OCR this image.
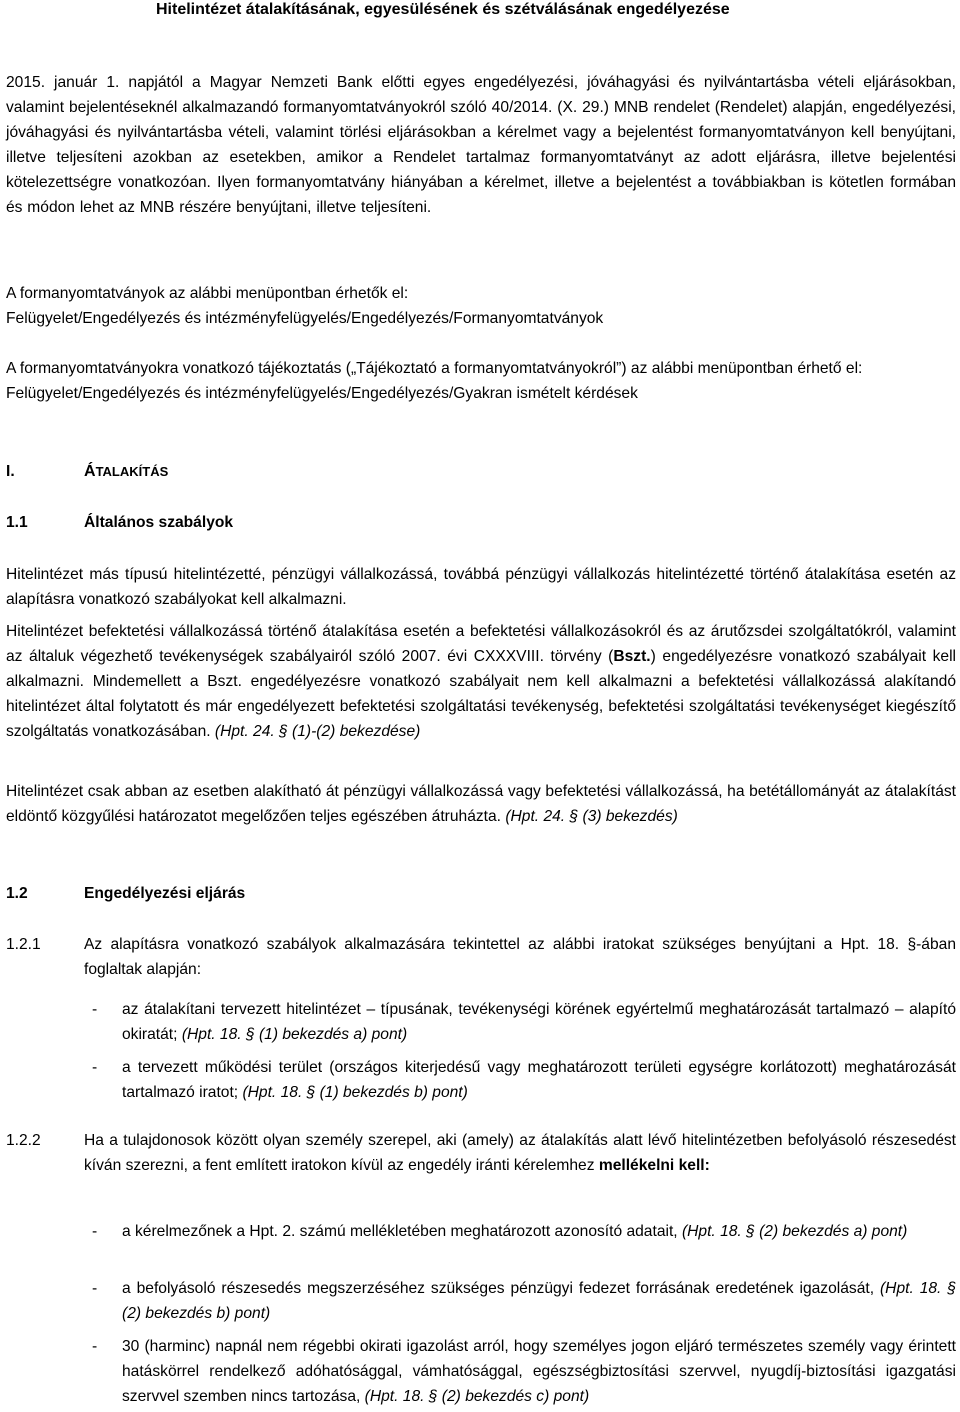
Hitelintézet átalakításának, egyesülésének és szétválásának engedélyezése

2015. január 1. napjától a Magyar Nemzeti Bank előtti egyes engedélyezési, jóváhagyási és nyilvántartásba vételi eljárásokban, valamint bejelentéseknél alkalmazandó formanyomtatványokról szóló 40/2014. (X. 29.) MNB rendelet (Rendelet) alapján, engedélyezési, jóváhagyási és nyilvántartásba vételi, valamint törlési eljárásokban a kérelmet vagy a bejelentést formanyomtatványon kell benyújtani, illetve teljesíteni azokban az esetekben, amikor a Rendelet tartalmaz formanyomtatványt az adott eljárásra, illetve bejelentési kötelezettségre vonatkozóan. Ilyen formanyomtatvány hiányában a kérelmet, illetve a bejelentést a továbbiakban is kötetlen formában és módon lehet az MNB részére benyújtani, illetve teljesíteni.

A formanyomtatványok az alábbi menüpontban érhetők el:

Felügyelet/Engedélyezés és intézményfelügyelés/Engedélyezés/Formanyomtatványok

A formanyomtatványokra vonatkozó tájékoztatás („Tájékoztató a formanyomtatványokról”) az alábbi menüpontban érhető el:

Felügyelet/Engedélyezés és intézményfelügyelés/Engedélyezés/Gyakran ismételt kérdések

I.	ÁTALAKÍTÁS
1.1	Általános szabályok

Hitelintézet más típusú hitelintézetté, pénzügyi vállalkozássá, továbbá pénzügyi vállalkozás hitelintézetté történő átalakítása esetén az alapításra vonatkozó szabályokat kell alkalmazni.

Hitelintézet befektetési vállalkozássá történő átalakítása esetén a befektetési vállalkozásokról és az árutőzsdei szolgáltatókról, valamint az általuk végezhető tevékenységek szabályairól szóló 2007. évi CXXXVIII. törvény (Bszt.) engedélyezésre vonatkozó szabályait kell alkalmazni. Mindemellett a Bszt. engedélyezésre vonatkozó szabályait nem kell alkalmazni a befektetési vállalkozássá alakítandó hitelintézet által folytatott és már engedélyezett befektetési szolgáltatási tevékenység, befektetési szolgáltatási tevékenységet kiegészítő szolgáltatás vonatkozásában. (Hpt. 24. § (1)-(2) bekezdése)

Hitelintézet csak abban az esetben alakítható át pénzügyi vállalkozássá vagy befektetési vállalkozássá, ha betétállományát az átalakítást eldöntő közgyűlési határozatot megelőzően teljes egészében átruházta. (Hpt. 24. § (3) bekezdés)

1.2	Engedélyezési eljárás
1.2.1	Az alapításra vonatkozó szabályok alkalmazására tekintettel az alábbi iratokat szükséges benyújtani a Hpt. 18. §-ában foglaltak alapján:

- az átalakítani tervezett hitelintézet – típusának, tevékenységi körének egyértelmű meghatározását tartalmazó – alapító okiratát; (Hpt. 18. § (1) bekezdés a) pont)

- a tervezett működési terület (országos kiterjedésű vagy meghatározott területi egységre korlátozott) meghatározását tartalmazó iratot; (Hpt. 18. § (1) bekezdés b) pont)

1.2.2	Ha a tulajdonosok között olyan személy szerepel, aki (amely) az átalakítás alatt lévő hitelintézetben befolyásoló részesedést kíván szerezni, a fent említett iratokon kívül az engedély iránti kérelemhez mellékelni kell:

- a kérelmezőnek a Hpt. 2. számú mellékletében meghatározott azonosító adatait, (Hpt. 18. § (2) bekezdés a) pont)

- a befolyásoló részesedés megszerzéséhez szükséges pénzügyi fedezet forrásának eredetének igazolását, (Hpt. 18. § (2) bekezdés b) pont)

- 30 (harminc) napnál nem régebbi okirati igazolást arról, hogy személyes jogon eljáró természetes személy vagy érintett hatáskörrel rendelkező adóhatósággal, vámhatósággal, egészségbiztosítási szervvel, nyugdíj-biztosítási igazgatási szervvel szemben nincs tartozása, (Hpt. 18. § (2) bekezdés c) pont)
